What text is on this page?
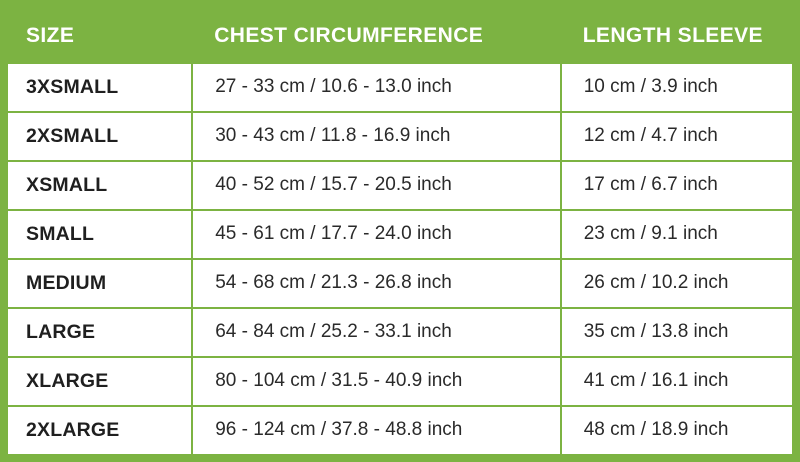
SIZE	CHEST CIRCUMFERENCE	LENGTH SLEEVE
3XSMALL	27 - 33 cm / 10.6 - 13.0 inch	10 cm / 3.9 inch
2XSMALL	30 - 43 cm / 11.8 - 16.9 inch	12 cm / 4.7 inch
XSMALL	40 - 52 cm / 15.7 - 20.5 inch	17 cm / 6.7 inch
SMALL	45 - 61 cm / 17.7 - 24.0 inch	23 cm / 9.1 inch
MEDIUM	54 - 68 cm / 21.3 - 26.8 inch	26 cm / 10.2 inch
LARGE	64 - 84 cm / 25.2 - 33.1 inch	35 cm / 13.8 inch
XLARGE	80 - 104 cm / 31.5 - 40.9 inch	41 cm / 16.1 inch
2XLARGE	96 - 124 cm / 37.8 - 48.8 inch	48 cm / 18.9 inch
